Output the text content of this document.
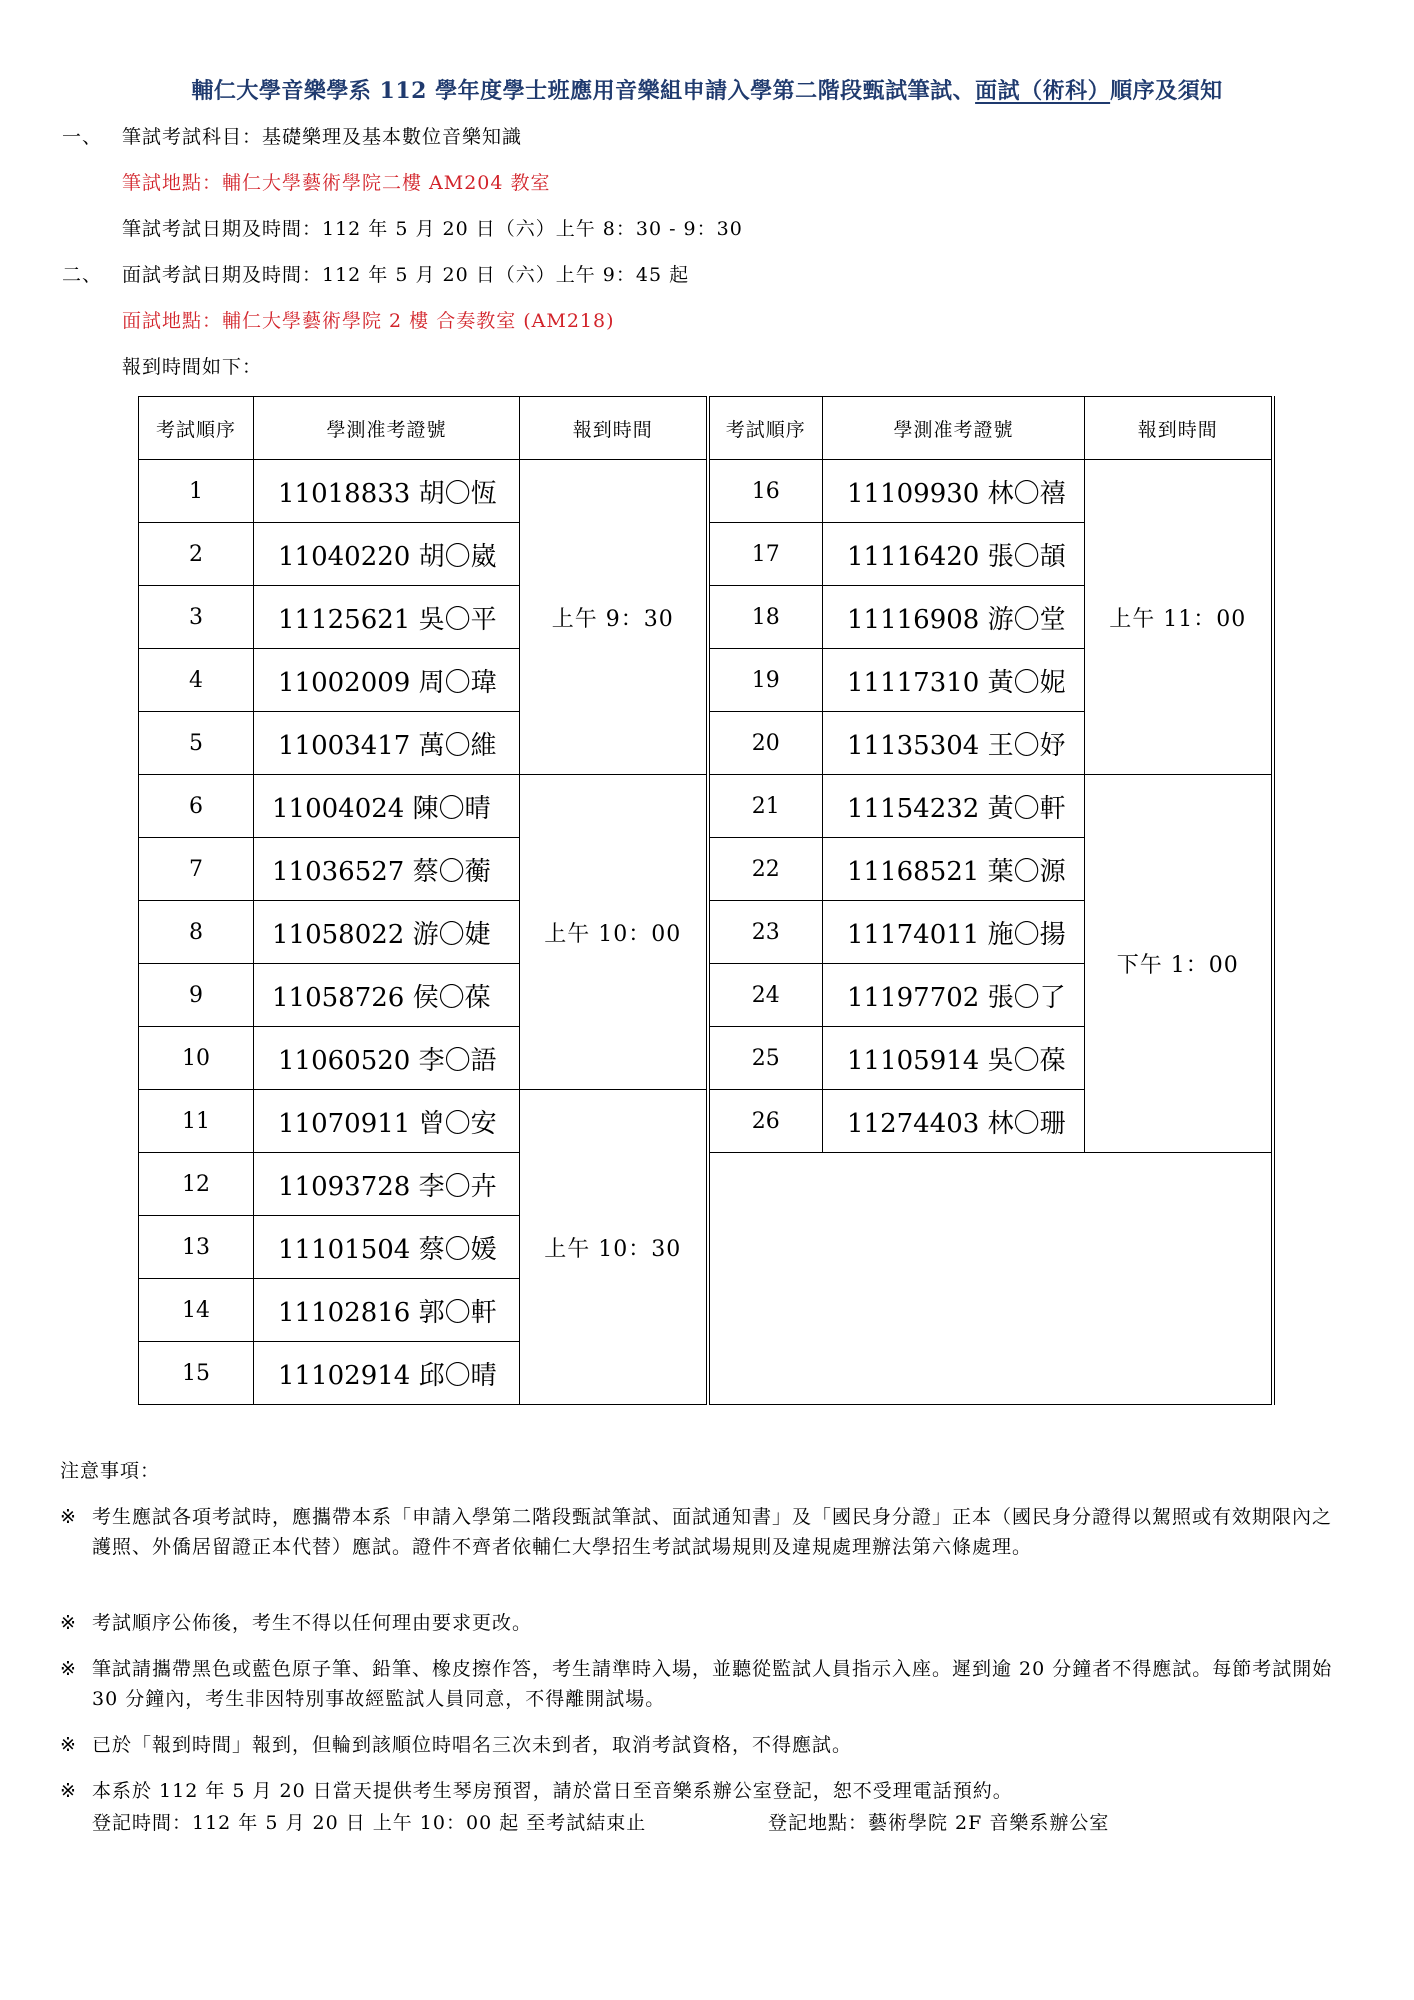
輔仁大學音樂學系 112 學年度學士班應用音樂組申請入學第二階段甄試筆試、面試（術科）順序及須知
一、 筆試考試科目：基礎樂理及基本數位音樂知識
筆試地點：輔仁大學藝術學院二樓 AM204 教室
筆試考試日期及時間：112 年 5 月 20 日（六）上午 8：30 - 9：30
二、 面試考試日期及時間：112 年 5 月 20 日（六）上午 9：45 起
面試地點：輔仁大學藝術學院 2 樓 合奏教室 (AM218)
報到時間如下：
考試順序	學測准考證號	報到時間	考試順序	學測准考證號	報到時間
1	11018833 胡〇恆	上午 9：30	16	11109930 林〇禧	上午 11：00
2	11040220 胡〇崴		17	11116420 張〇頡	
3	11125621 吳〇平		18	11116908 游〇堂	
4	11002009 周〇瑋		19	11117310 黃〇妮	
5	11003417 萬〇維		20	11135304 王〇妤	
6	11004024 陳〇晴	上午 10：00	21	11154232 黃〇軒	下午 1：00
7	11036527 蔡〇蘅		22	11168521 葉〇源	
8	11058022 游〇婕		23	11174011 施〇揚	
9	11058726 侯〇葆		24	11197702 張〇了	
10	11060520 李〇語		25	11105914 吳〇葆	
11	11070911 曾〇安	上午 10：30	26	11274403 林〇珊	
12	11093728 李〇卉				
13	11101504 蔡〇媛				
14	11102816 郭〇軒				
15	11102914 邱〇晴				
注意事項：
※ 考生應試各項考試時，應攜帶本系「申請入學第二階段甄試筆試、面試通知書」及「國民身分證」正本（國民身分證得以駕照或有效期限內之護照、外僑居留證正本代替）應試。證件不齊者依輔仁大學招生考試試場規則及違規處理辦法第六條處理。
※ 考試順序公佈後，考生不得以任何理由要求更改。
※ 筆試請攜帶黑色或藍色原子筆、鉛筆、橡皮擦作答，考生請準時入場，並聽從監試人員指示入座。遲到逾 20 分鐘者不得應試。每節考試開始 30 分鐘內，考生非因特別事故經監試人員同意，不得離開試場。
※ 已於「報到時間」報到，但輪到該順位時唱名三次未到者，取消考試資格，不得應試。
※ 本系於 112 年 5 月 20 日當天提供考生琴房預習，請於當日至音樂系辦公室登記，恕不受理電話預約。
登記時間：112 年 5 月 20 日 上午 10：00 起 至考試結束止	登記地點：藝術學院 2F 音樂系辦公室
